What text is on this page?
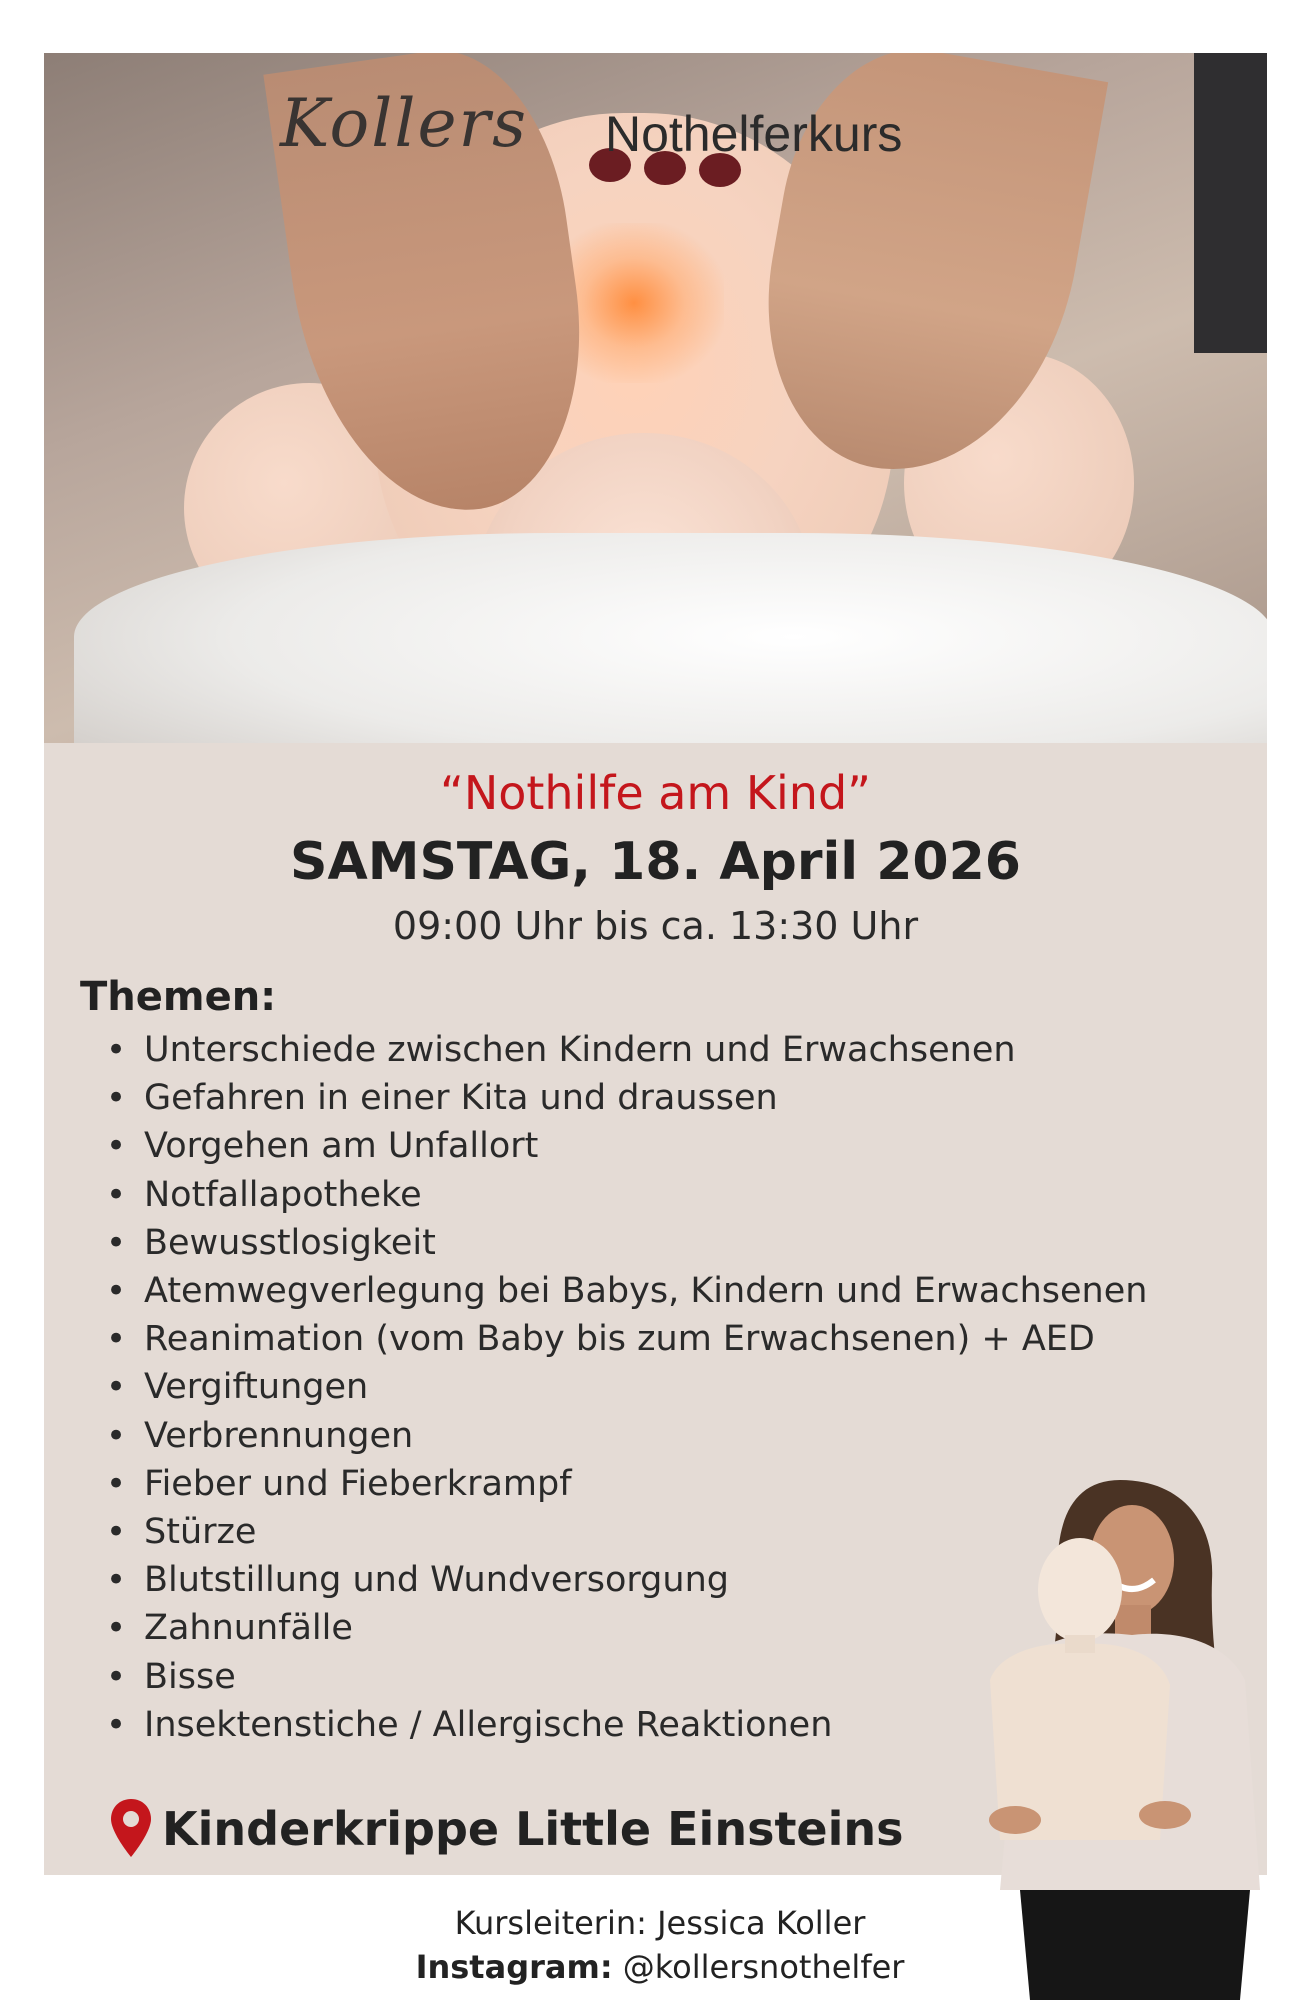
Kollers Nothelferkurs
“Nothilfe am Kind”
SAMSTAG, 18. April 2026
09:00 Uhr bis ca. 13:30 Uhr
Themen:
• Unterschiede zwischen Kindern und Erwachsenen
• Gefahren in einer Kita und draussen
• Vorgehen am Unfallort
• Notfallapotheke
• Bewusstlosigkeit
• Atemwegverlegung bei Babys, Kindern und Erwachsenen
• Reanimation (vom Baby bis zum Erwachsenen) + AED
• Vergiftungen
• Verbrennungen
• Fieber und Fieberkrampf
• Stürze
• Blutstillung und Wundversorgung
• Zahnunfälle
• Bisse
• Insektenstiche / Allergische Reaktionen
Kinderkrippe Little Einsteins
Kursleiterin: Jessica Koller
Instagram: @kollersnothelfer
